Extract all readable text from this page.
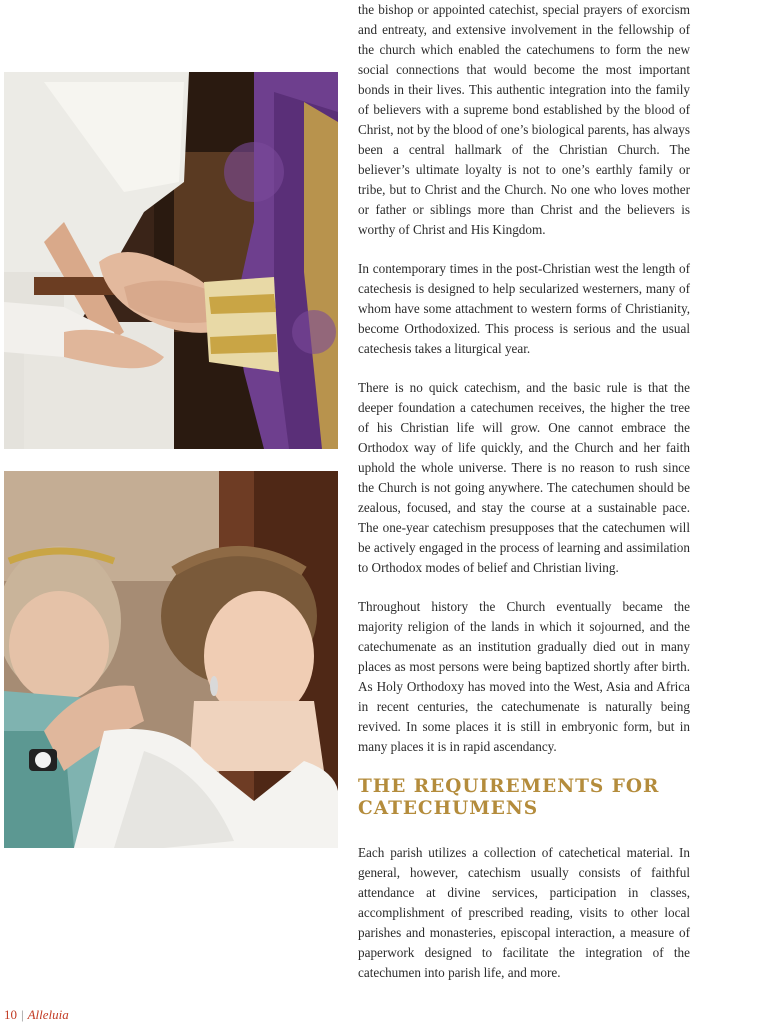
the bishop or appointed catechist, special prayers of exorcism and entreaty, and extensive involvement in the fellowship of the church which enabled the catechumens to form the new social connections that would become the most important bonds in their lives. This authentic integration into the family of believers with a supreme bond established by the blood of Christ, not by the blood of one’s biological parents, has always been a central hallmark of the Christian Church. The believer’s ultimate loyalty is not to one’s earthly family or tribe, but to Christ and the Church. No one who loves mother or father or siblings more than Christ and the believers is worthy of Christ and His Kingdom.

In contemporary times in the post-Christian west the length of catechesis is designed to help secularized westerners, many of whom have some attachment to western forms of Christianity, become Orthodoxized. This process is serious and the usual catechesis takes a liturgical year.

There is no quick catechism, and the basic rule is that the deeper foundation a catechumen receives, the higher the tree of his Christian life will grow. One cannot embrace the Orthodox way of life quickly, and the Church and her faith uphold the whole universe. There is no reason to rush since the Church is not going anywhere. The catechumen should be zealous, focused, and stay the course at a sustainable pace. The one-year catechism presupposes that the catechumen will be actively engaged in the process of learning and assimilation to Orthodox modes of belief and Christian living.

Throughout history the Church eventually became the majority religion of the lands in which it sojourned, and the catechumenate as an institution gradually died out in many places as most persons were being baptized shortly after birth. As Holy Orthodoxy has moved into the West, Asia and Africa in recent centuries, the catechumenate is naturally being revived. In some places it is still in embryonic form, but in many places it is in rapid ascendancy.

THE REQUIREMENTS FOR CATECHUMENS

Each parish utilizes a collection of catechetical material. In general, however, catechism usually consists of faithful attendance at divine services, participation in classes, accomplishment of prescribed reading, visits to other local parishes and monasteries, episcopal interaction, a measure of paperwork designed to facilitate the integration of the catechumen into parish life, and more.

10 | Alleluia
